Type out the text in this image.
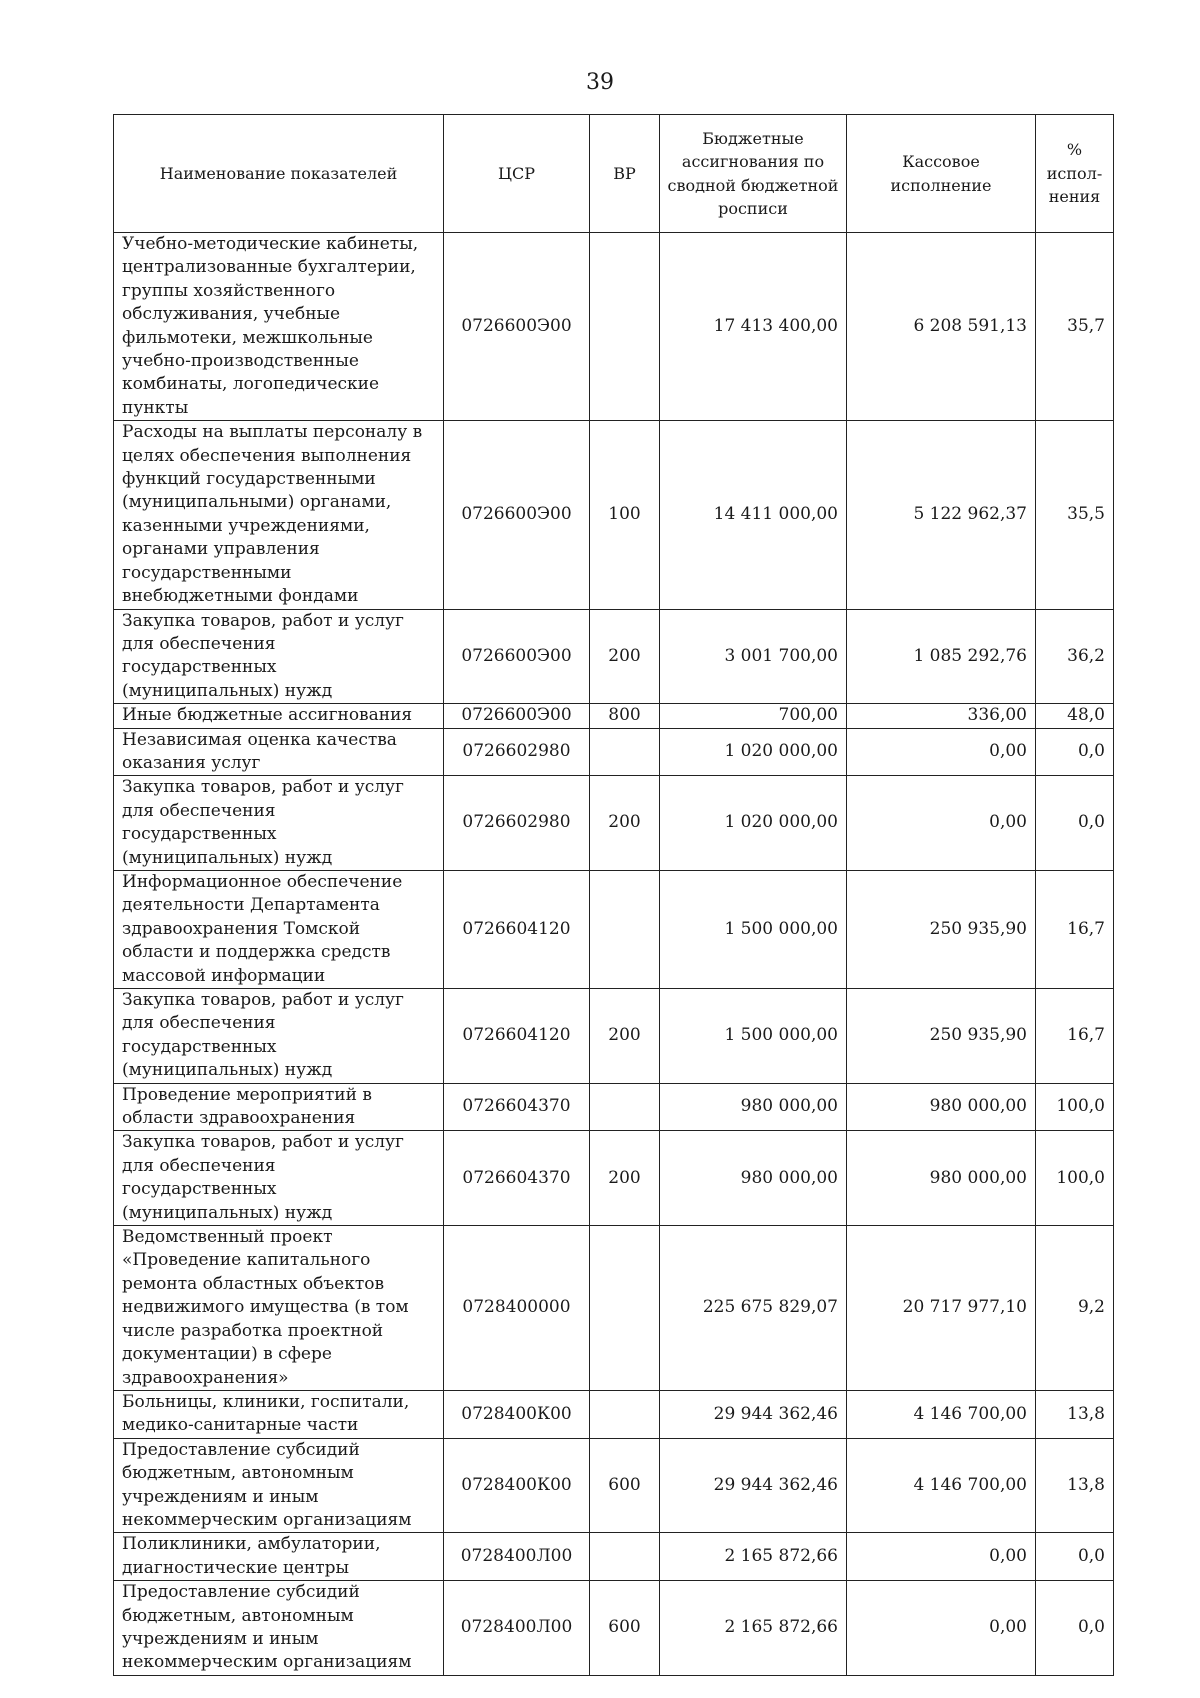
39
Наименование показателей	ЦСР	ВР	Бюджетные ассигнования по сводной бюджетной росписи	Кассовое исполнение	% испол-нения
Учебно-методические кабинеты, централизованные бухгалтерии, группы хозяйственного обслуживания, учебные фильмотеки, межшкольные учебно-производственные комбинаты, логопедические пункты	0726600Э00		17 413 400,00	6 208 591,13	35,7
Расходы на выплаты персоналу в целях обеспечения выполнения функций государственными (муниципальными) органами, казенными учреждениями, органами управления государственными внебюджетными фондами	0726600Э00	100	14 411 000,00	5 122 962,37	35,5
Закупка товаров, работ и услуг для обеспечения государственных (муниципальных) нужд	0726600Э00	200	3 001 700,00	1 085 292,76	36,2
Иные бюджетные ассигнования	0726600Э00	800	700,00	336,00	48,0
Независимая оценка качества оказания услуг	0726602980		1 020 000,00	0,00	0,0
Закупка товаров, работ и услуг для обеспечения государственных (муниципальных) нужд	0726602980	200	1 020 000,00	0,00	0,0
Информационное обеспечение деятельности Департамента здравоохранения Томской области и поддержка средств массовой информации	0726604120		1 500 000,00	250 935,90	16,7
Закупка товаров, работ и услуг для обеспечения государственных (муниципальных) нужд	0726604120	200	1 500 000,00	250 935,90	16,7
Проведение мероприятий в области здравоохранения	0726604370		980 000,00	980 000,00	100,0
Закупка товаров, работ и услуг для обеспечения государственных (муниципальных) нужд	0726604370	200	980 000,00	980 000,00	100,0
Ведомственный проект «Проведение капитального ремонта областных объектов недвижимого имущества (в том числе разработка проектной документации) в сфере здравоохранения»	0728400000		225 675 829,07	20 717 977,10	9,2
Больницы, клиники, госпитали, медико-санитарные части	0728400К00		29 944 362,46	4 146 700,00	13,8
Предоставление субсидий бюджетным, автономным учреждениям и иным некоммерческим организациям	0728400К00	600	29 944 362,46	4 146 700,00	13,8
Поликлиники, амбулатории, диагностические центры	0728400Л00		2 165 872,66	0,00	0,0
Предоставление субсидий бюджетным, автономным учреждениям и иным некоммерческим организациям	0728400Л00	600	2 165 872,66	0,00	0,0
